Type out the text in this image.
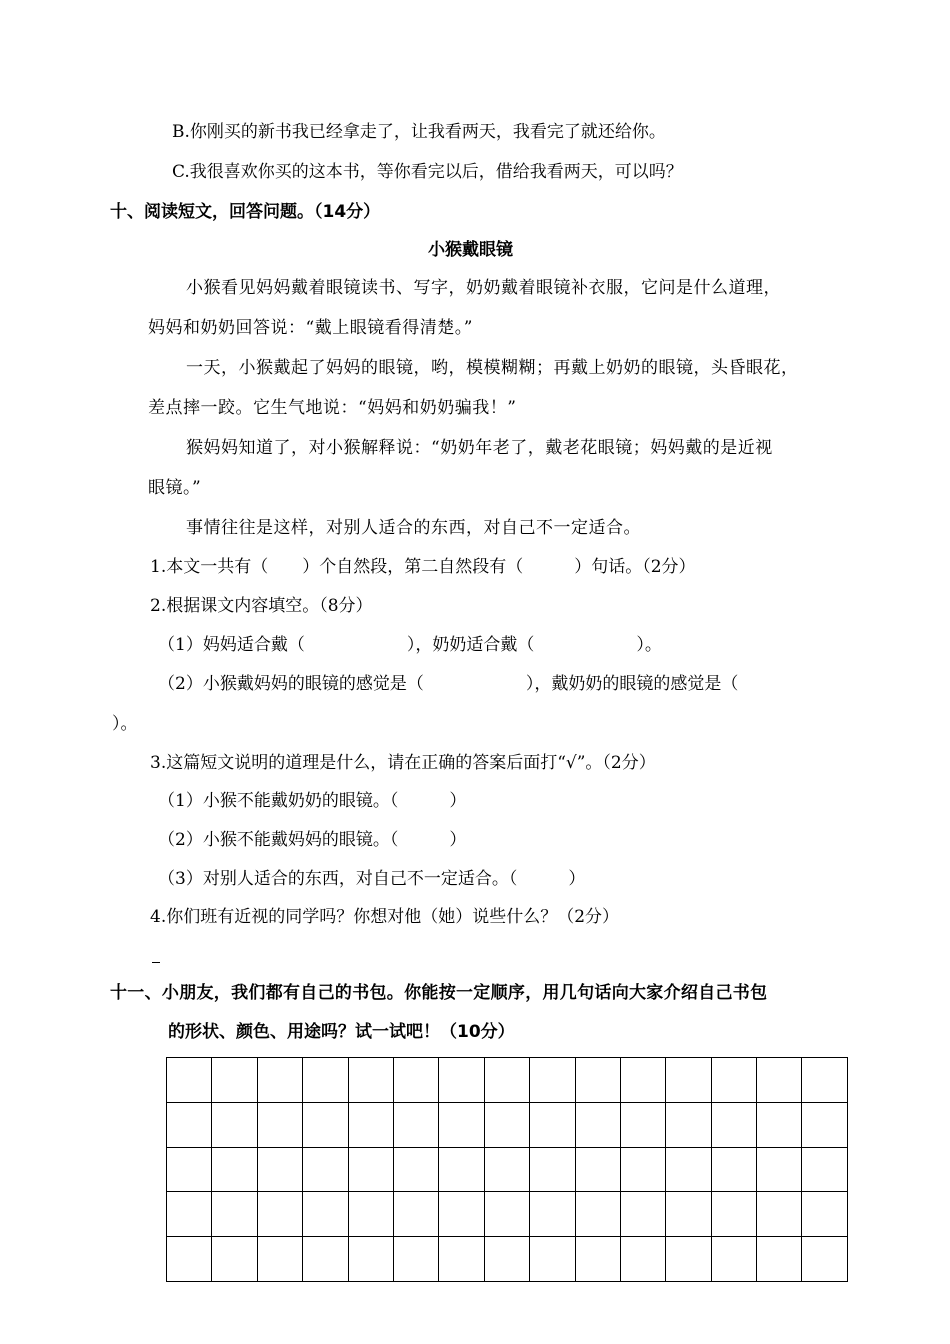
B.你刚买的新书我已经拿走了，让我看两天，我看完了就还给你。
C.我很喜欢你买的这本书，等你看完以后，借给我看两天，可以吗？
十、阅读短文，回答问题。（14分）
小猴戴眼镜
小猴看见妈妈戴着眼镜读书、写字，奶奶戴着眼镜补衣服，它问是什么道理，
妈妈和奶奶回答说：“戴上眼镜看得清楚。”
一天，小猴戴起了妈妈的眼镜，哟，模模糊糊；再戴上奶奶的眼镜，头昏眼花，
差点摔一跤。它生气地说：“妈妈和奶奶骗我！”
猴妈妈知道了，对小猴解释说：“奶奶年老了，戴老花眼镜；妈妈戴的是近视
眼镜。”
事情往往是这样，对别人适合的东西，对自己不一定适合。
1.本文一共有（　　）个自然段，第二自然段有（　　　）句话。（2分）
2.根据课文内容填空。（8分）
（1）妈妈适合戴（　　　　　　），奶奶适合戴（　　　　　　）。
（2）小猴戴妈妈的眼镜的感觉是（　　　　　　），戴奶奶的眼镜的感觉是（
）。
3.这篇短文说明的道理是什么，请在正确的答案后面打“√”。（2分）
（1）小猴不能戴奶奶的眼镜。（　　　）
（2）小猴不能戴妈妈的眼镜。（　　　）
（3）对别人适合的东西，对自己不一定适合。（　　　）
4.你们班有近视的同学吗？你想对他（她）说些什么？（2分）
十一、小朋友，我们都有自己的书包。你能按一定顺序，用几句话向大家介绍自己书包
的形状、颜色、用途吗？试一试吧！（10分）
